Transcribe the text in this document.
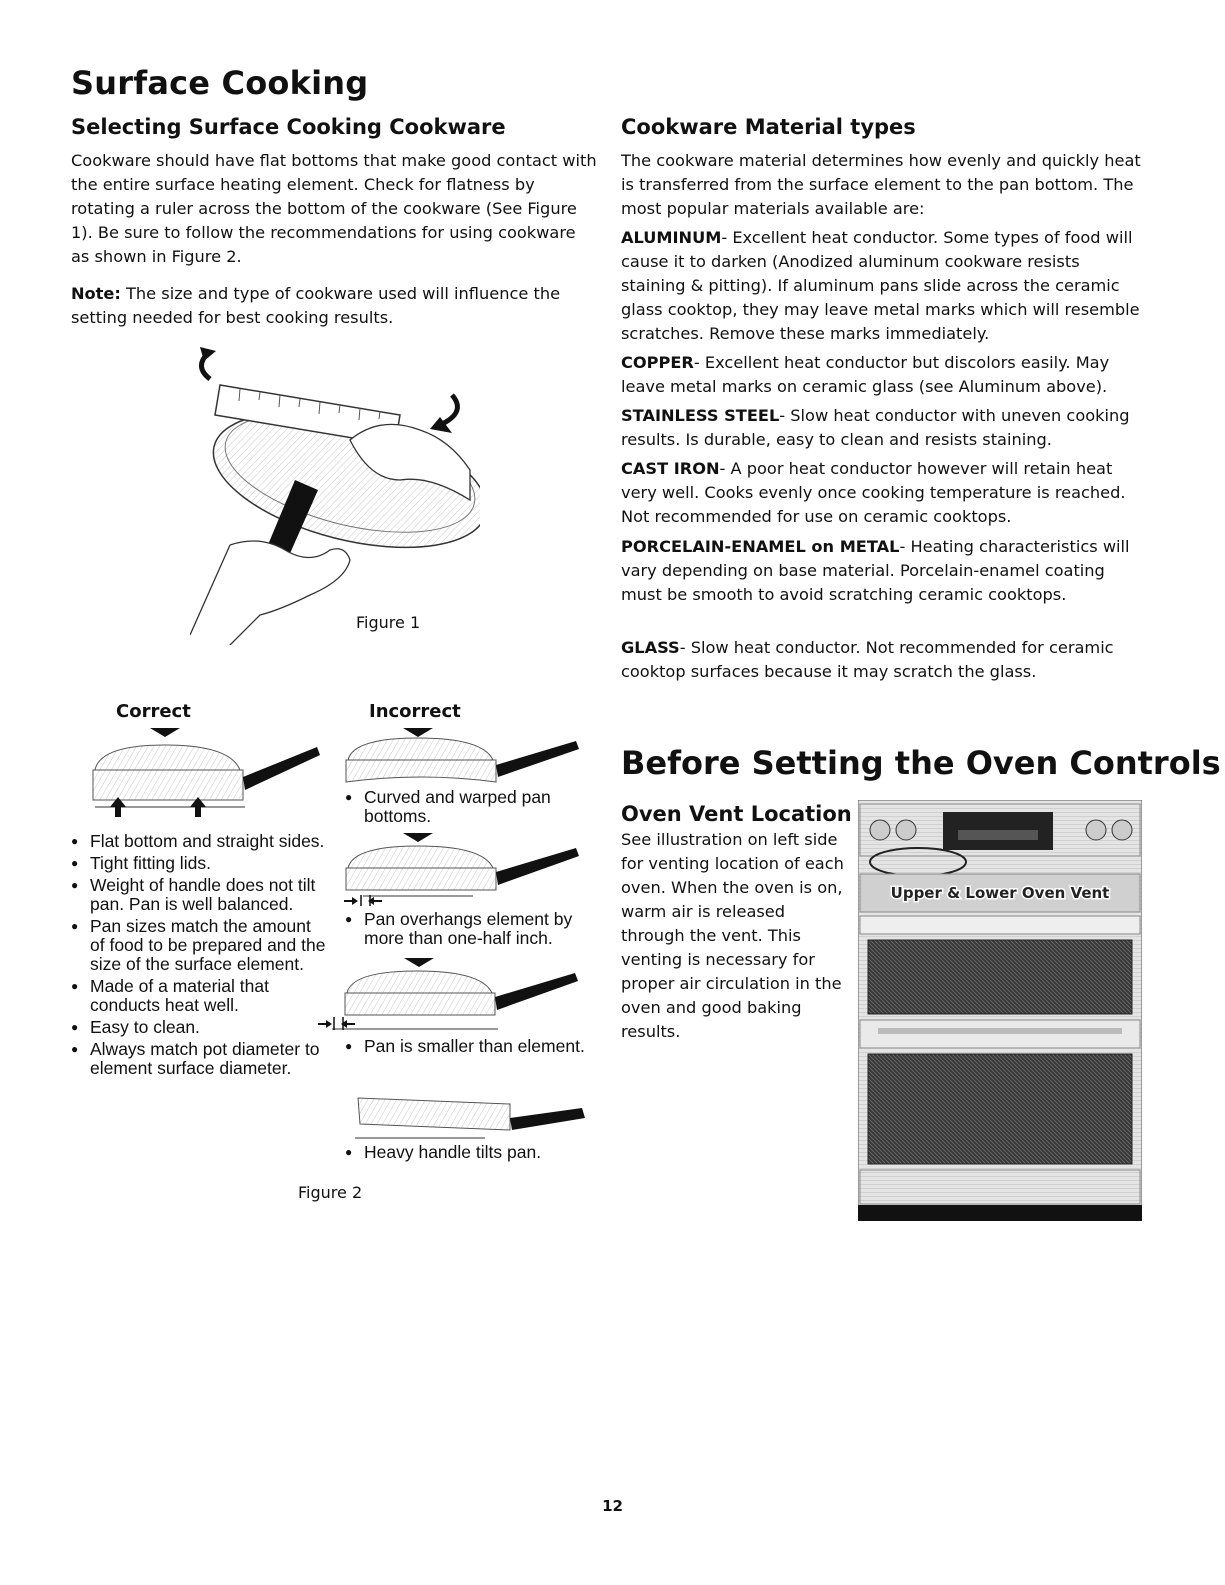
Surface Cooking
Selecting Surface Cooking Cookware

Cookware should have flat bottoms that make good contact with the entire surface heating element. Check for flatness by rotating a ruler across the bottom of the cookware (See Figure 1). Be sure to follow the recommendations for using cookware as shown in Figure 2.

Note: The size and type of cookware used will influence the setting needed for best cooking results.

Figure 1
Correct	Incorrect
● Flat bottom and straight sides.
● Tight fitting lids.
● Weight of handle does not tilt pan. Pan is well balanced.
● Pan sizes match the amount of food to be prepared and the size of the surface element.
● Made of a material that conducts heat well.
● Easy to clean.
● Always match pot diameter to element surface diameter.
● Curved and warped pan bottoms.
● Pan overhangs element by more than one-half inch.
● Pan is smaller than element.
● Heavy handle tilts pan.
Figure 2
Cookware Material types

The cookware material determines how evenly and quickly heat is transferred from the surface element to the pan bottom. The most popular materials available are:

ALUMINUM- Excellent heat conductor. Some types of food will cause it to darken (Anodized aluminum cookware resists staining & pitting). If aluminum pans slide across the ceramic glass cooktop, they may leave metal marks which will resemble scratches. Remove these marks immediately.

COPPER- Excellent heat conductor but discolors easily. May leave metal marks on ceramic glass (see Aluminum above).

STAINLESS STEEL- Slow heat conductor with uneven cooking results. Is durable, easy to clean and resists staining.

CAST IRON- A poor heat conductor however will retain heat very well. Cooks evenly once cooking temperature is reached. Not recommended for use on ceramic cooktops.

PORCELAIN-ENAMEL on METAL- Heating characteristics will vary depending on base material. Porcelain-enamel coating must be smooth to avoid scratching ceramic cooktops.

GLASS- Slow heat conductor. Not recommended for ceramic cooktop surfaces because it may scratch the glass.

Before Setting the Oven Controls
Oven Vent Location

See illustration on left side for venting location of each oven. When the oven is on, warm air is released through the vent. This venting is necessary for proper air circulation in the oven and good baking results.

Upper & Lower Oven Vent
12
